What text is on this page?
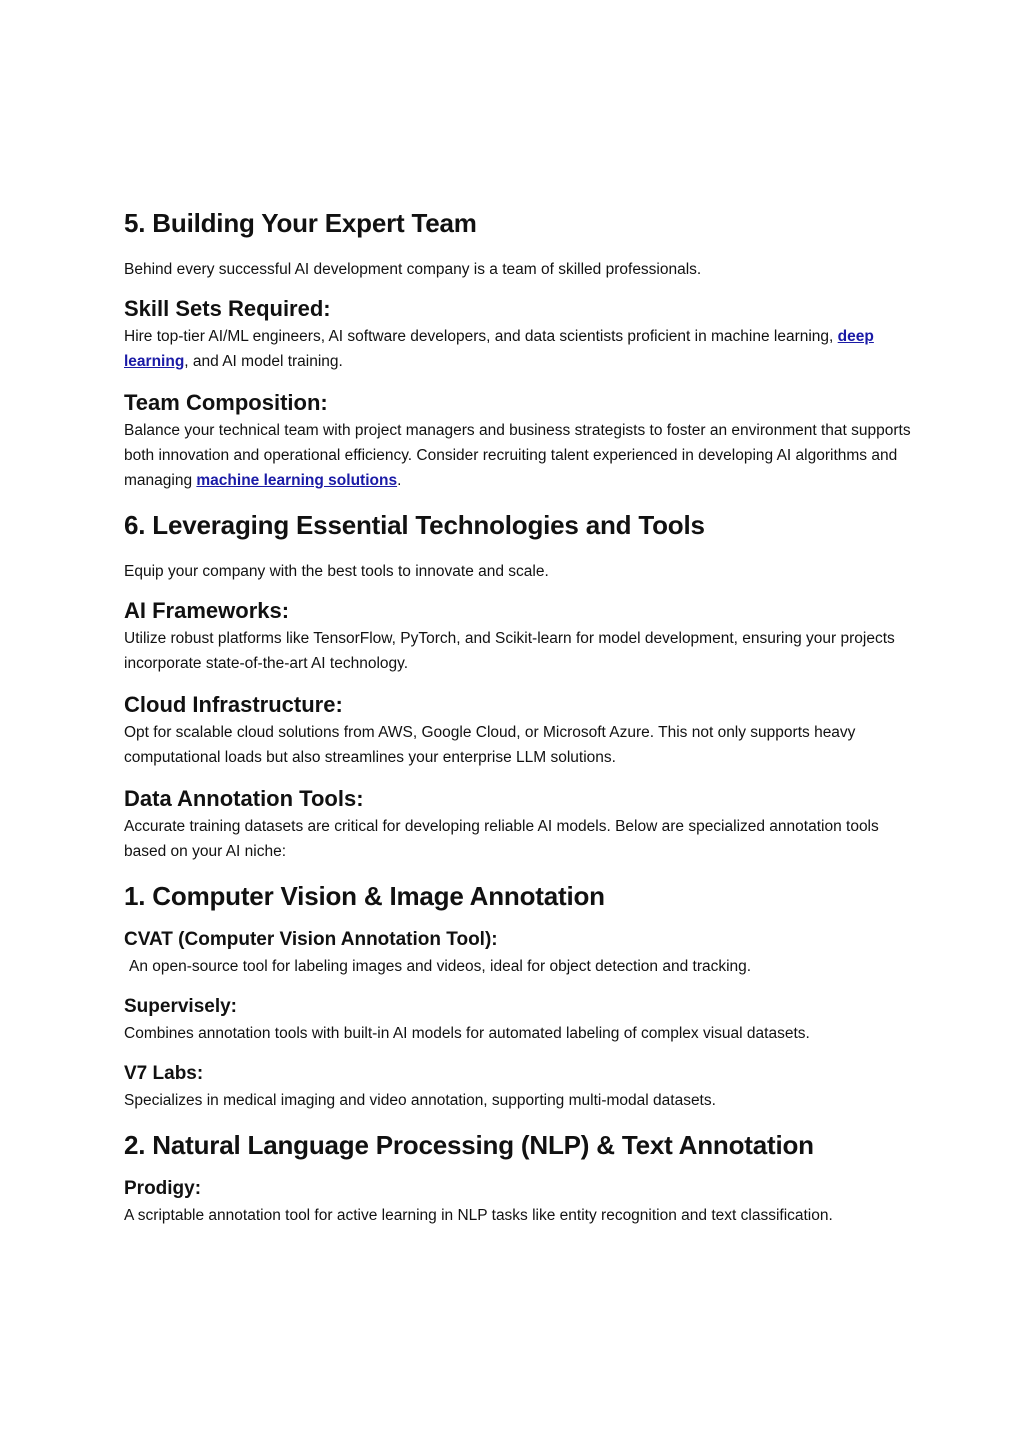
5. Building Your Expert Team

Behind every successful AI development company is a team of skilled professionals.

Skill Sets Required:

Hire top-tier AI/ML engineers, AI software developers, and data scientists proficient in machine learning, deep learning, and AI model training.

Team Composition:

Balance your technical team with project managers and business strategists to foster an environment that supports both innovation and operational efficiency. Consider recruiting talent experienced in developing AI algorithms and managing machine learning solutions.

6. Leveraging Essential Technologies and Tools

Equip your company with the best tools to innovate and scale.

AI Frameworks:

Utilize robust platforms like TensorFlow, PyTorch, and Scikit-learn for model development, ensuring your projects incorporate state-of-the-art AI technology.

Cloud Infrastructure:

Opt for scalable cloud solutions from AWS, Google Cloud, or Microsoft Azure. This not only supports heavy computational loads but also streamlines your enterprise LLM solutions.

Data Annotation Tools:

Accurate training datasets are critical for developing reliable AI models. Below are specialized annotation tools based on your AI niche:

1. Computer Vision & Image Annotation
CVAT (Computer Vision Annotation Tool):

An open-source tool for labeling images and videos, ideal for object detection and tracking.

Supervisely:

Combines annotation tools with built-in AI models for automated labeling of complex visual datasets.

V7 Labs:

Specializes in medical imaging and video annotation, supporting multi-modal datasets.

2. Natural Language Processing (NLP) & Text Annotation
Prodigy:

A scriptable annotation tool for active learning in NLP tasks like entity recognition and text classification.
